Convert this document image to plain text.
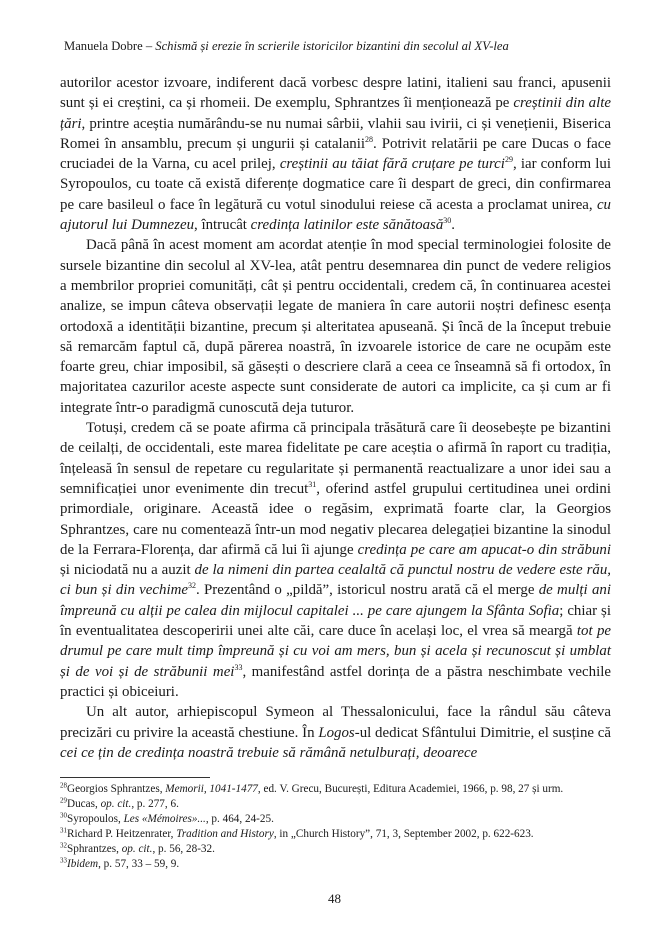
Manuela Dobre – Schismă și erezie în scrierile istoricilor bizantini din secolul al XV-lea

autorilor acestor izvoare, indiferent dacă vorbesc despre latini, italieni sau franci, apusenii sunt și ei creștini, ca și rhomeii. De exemplu, Sphrantzes îi menționează pe creștinii din alte țări, printre aceștia numărându-se nu numai sârbii, vlahii sau ivirii, ci și venețienii, Biserica Romei în ansamblu, precum și ungurii și catalanii$^{28}$. Potrivit relatării pe care Ducas o face cruciadei de la Varna, cu acel prilej, creștinii au tăiat fără cruțare pe turci$^{29}$, iar conform lui Syropoulos, cu toate că există diferențe dogmatice care îi despart de greci, din confirmarea pe care basileul o face în legătură cu votul sinodului reiese că acesta a proclamat unirea, cu ajutorul lui Dumnezeu, întrucât credința latinilor este sănătoasă$^{30}$.

Dacă până în acest moment am acordat atenție în mod special terminologiei folosite de sursele bizantine din secolul al XV-lea, atât pentru desemnarea din punct de vedere religios a membrilor propriei comunități, cât și pentru occidentali, credem că, în continuarea acestei analize, se impun câteva observații legate de maniera în care autorii noștri definesc esența ortodoxă a identității bizantine, precum și alteritatea apuseană. Și încă de la început trebuie să remarcăm faptul că, după părerea noastră, în izvoarele istorice de care ne ocupăm este foarte greu, chiar imposibil, să găsești o descriere clară a ceea ce înseamnă să fi ortodox, în majoritatea cazurilor aceste aspecte sunt considerate de autori ca implicite, ca și cum ar fi integrate într-o paradigmă cunoscută deja tuturor.

Totuși, credem că se poate afirma că principala trăsătură care îi deosebește pe bizantini de ceilalți, de occidentali, este marea fidelitate pe care aceștia o afirmă în raport cu tradiția, înțeleasă în sensul de repetare cu regularitate și permanentă reactualizare a unor idei sau a semnificației unor evenimente din trecut$^{31}$, oferind astfel grupului certitudinea unei ordini primordiale, originare. Această idee o regăsim, exprimată foarte clar, la Georgios Sphrantzes, care nu comentează într-un mod negativ plecarea delegației bizantine la sinodul de la Ferrara-Florența, dar afirmă că lui îi ajunge credința pe care am apucat-o din străbuni și niciodată nu a auzit de la nimeni din partea cealaltă că punctul nostru de vedere este rău, ci bun și din vechime$^{32}$. Prezentând o „pildă”, istoricul nostru arată că el merge de mulți ani împreună cu alții pe calea din mijlocul capitalei ... pe care ajungem la Sfânta Sofia; chiar și în eventualitatea descoperirii unei alte căi, care duce în același loc, el vrea să meargă tot pe drumul pe care mult timp împreună și cu voi am mers, bun și acela și recunoscut și umblat și de voi și de străbunii mei$^{33}$, manifestând astfel dorința de a păstra neschimbate vechile practici și obiceiuri.

Un alt autor, arhiepiscopul Symeon al Thessalonicului, face la rândul său câteva precizări cu privire la această chestiune. În Logos-ul dedicat Sfântului Dimitrie, el susține că cei ce țin de credința noastră trebuie să rămână netulburați, deoarece

$^{28}$Georgios Sphrantzes, Memorii, 1041-1477, ed. V. Grecu, București, Editura Academiei, 1966, p. 98, 27 și urm.
$^{29}$Ducas, op. cit., p. 277, 6.
$^{30}$Syropoulos, Les «Mémoires»..., p. 464, 24-25.
$^{31}$Richard P. Heitzenrater, Tradition and History, in „Church History”, 71, 3, September 2002, p. 622-623.
$^{32}$Sphrantzes, op. cit., p. 56, 28-32.
$^{33}$Ibidem, p. 57, 33 – 59, 9.
48
